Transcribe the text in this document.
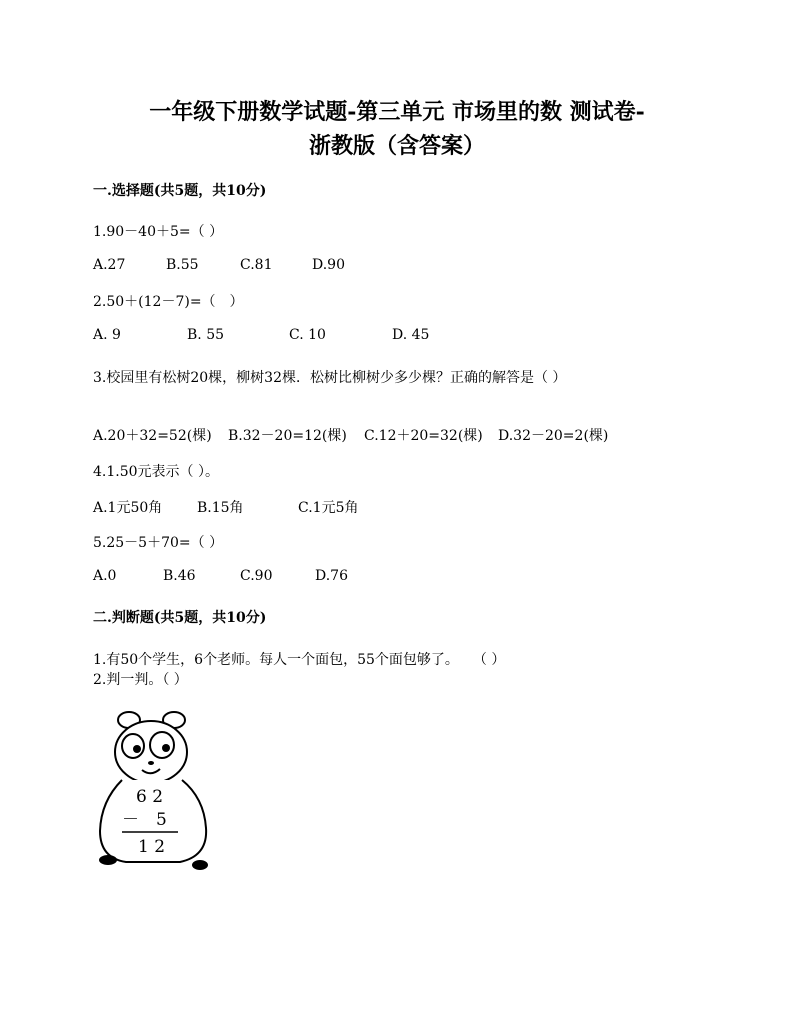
一年级下册数学试题-第三单元 市场里的数 测试卷-
浙教版（含答案）
一.选择题(共5题，共10分)
1.90－40＋5=（ ）
A.27	B.55	C.81	D.90
2.50＋(12－7)=（　）
A. 9	B. 55	C. 10	D. 45
3.校园里有松树20棵，柳树32棵．松树比柳树少多少棵？正确的解答是（ ）
A.20＋32=52(棵) B.32－20=12(棵) C.12＋20=32(棵) D.32－20=2(棵)
4.1.50元表示（ ）。
A.1元50角 B.15角	C.1元5角
5.25－5＋70=（ ）
A.0	B.46	C.90	D.76
二.判断题(共5题，共10分)
1.有50个学生，6个老师。每人一个面包，55个面包够了。　　（ ）
2.判一判。（ ）
6 2
－ 5
1 2
